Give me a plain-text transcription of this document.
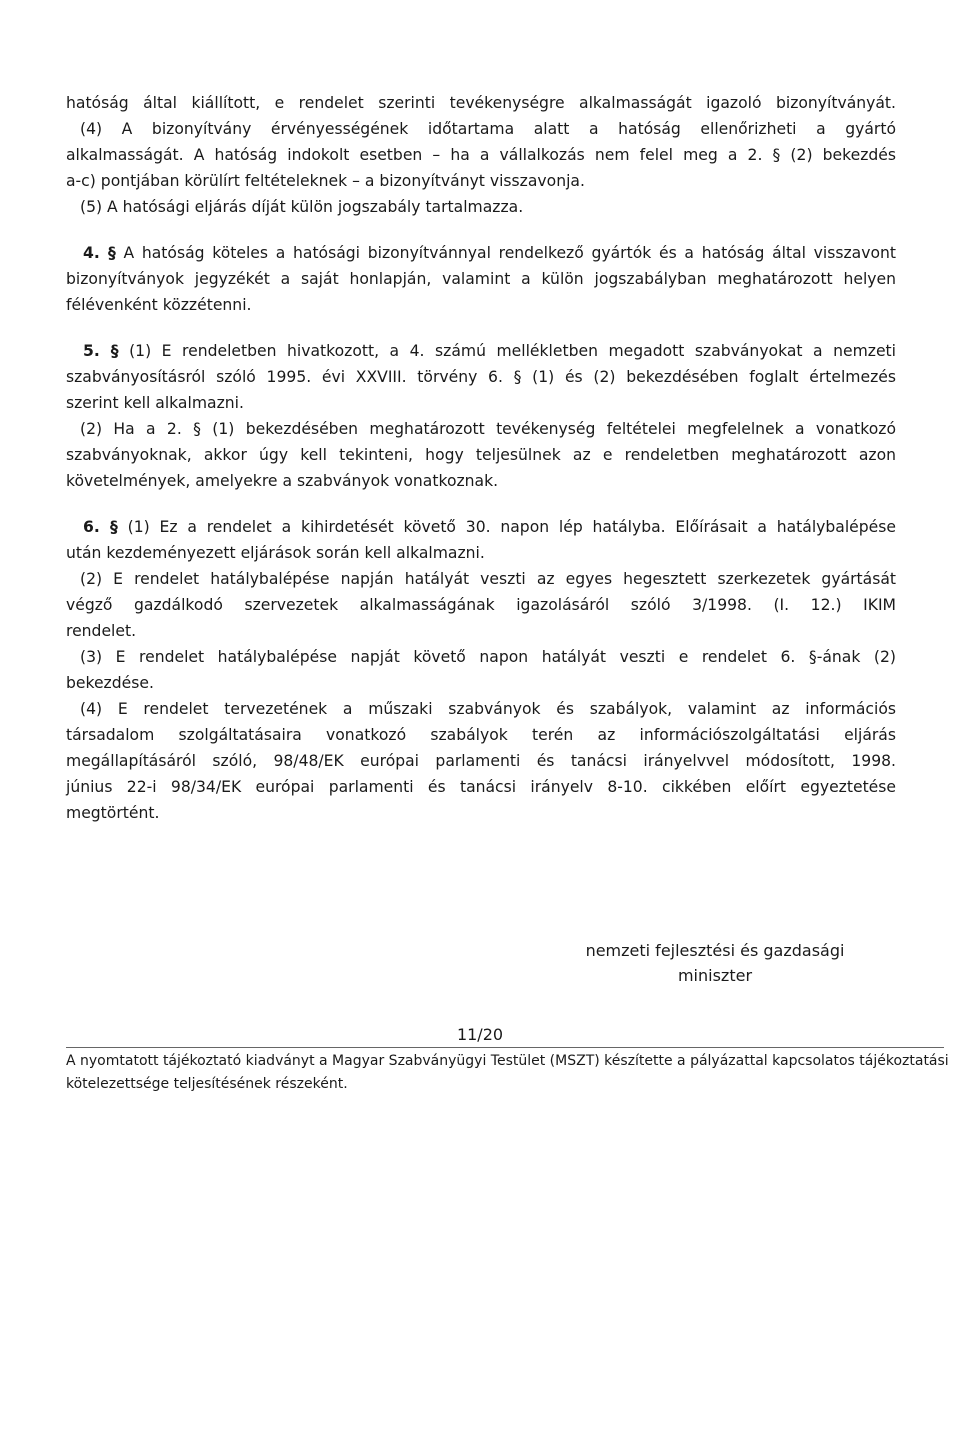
hatóság által kiállított, e rendelet szerinti tevékenységre alkalmasságát igazoló bizonyítványát.

(4) A bizonyítvány érvényességének időtartama alatt a hatóság ellenőrizheti a gyártó

alkalmasságát. A hatóság indokolt esetben – ha a vállalkozás nem felel meg a 2. § (2) bekezdés

a-c) pontjában körülírt feltételeknek – a bizonyítványt visszavonja.

(5) A hatósági eljárás díját külön jogszabály tartalmazza.

4. § A hatóság köteles a hatósági bizonyítvánnyal rendelkező gyártók és a hatóság által visszavont

bizonyítványok jegyzékét a saját honlapján, valamint a külön jogszabályban meghatározott helyen

félévenként közzétenni.

5. § (1) E rendeletben hivatkozott, a 4. számú mellékletben megadott szabványokat a nemzeti

szabványosításról szóló 1995. évi XXVIII. törvény 6. § (1) és (2) bekezdésében foglalt értelmezés

szerint kell alkalmazni.

(2) Ha a 2. § (1) bekezdésében meghatározott tevékenység feltételei megfelelnek a vonatkozó

szabványoknak, akkor úgy kell tekinteni, hogy teljesülnek az e rendeletben meghatározott azon

követelmények, amelyekre a szabványok vonatkoznak.

6. § (1) Ez a rendelet a kihirdetését követő 30. napon lép hatályba. Előírásait a hatálybalépése

után kezdeményezett eljárások során kell alkalmazni.

(2) E rendelet hatálybalépése napján hatályát veszti az egyes hegesztett szerkezetek gyártását

végző gazdálkodó szervezetek alkalmasságának igazolásáról szóló 3/1998. (I. 12.) IKIM

rendelet.

(3) E rendelet hatálybalépése napját követő napon hatályát veszti e rendelet 6. §-ának (2)

bekezdése.

(4) E rendelet tervezetének a műszaki szabványok és szabályok, valamint az információs

társadalom szolgáltatásaira vonatkozó szabályok terén az információszolgáltatási eljárás

megállapításáról szóló, 98/48/EK európai parlamenti és tanácsi irányelvvel módosított, 1998.

június 22-i 98/34/EK európai parlamenti és tanácsi irányelv 8-10. cikkében előírt egyeztetése

megtörtént.

nemzeti fejlesztési és gazdasági
miniszter
11/20
A nyomtatott tájékoztató kiadványt a Magyar Szabványügyi Testület (MSZT) készítette a pályázattal kapcsolatos tájékoztatási
kötelezettsége teljesítésének részeként.
